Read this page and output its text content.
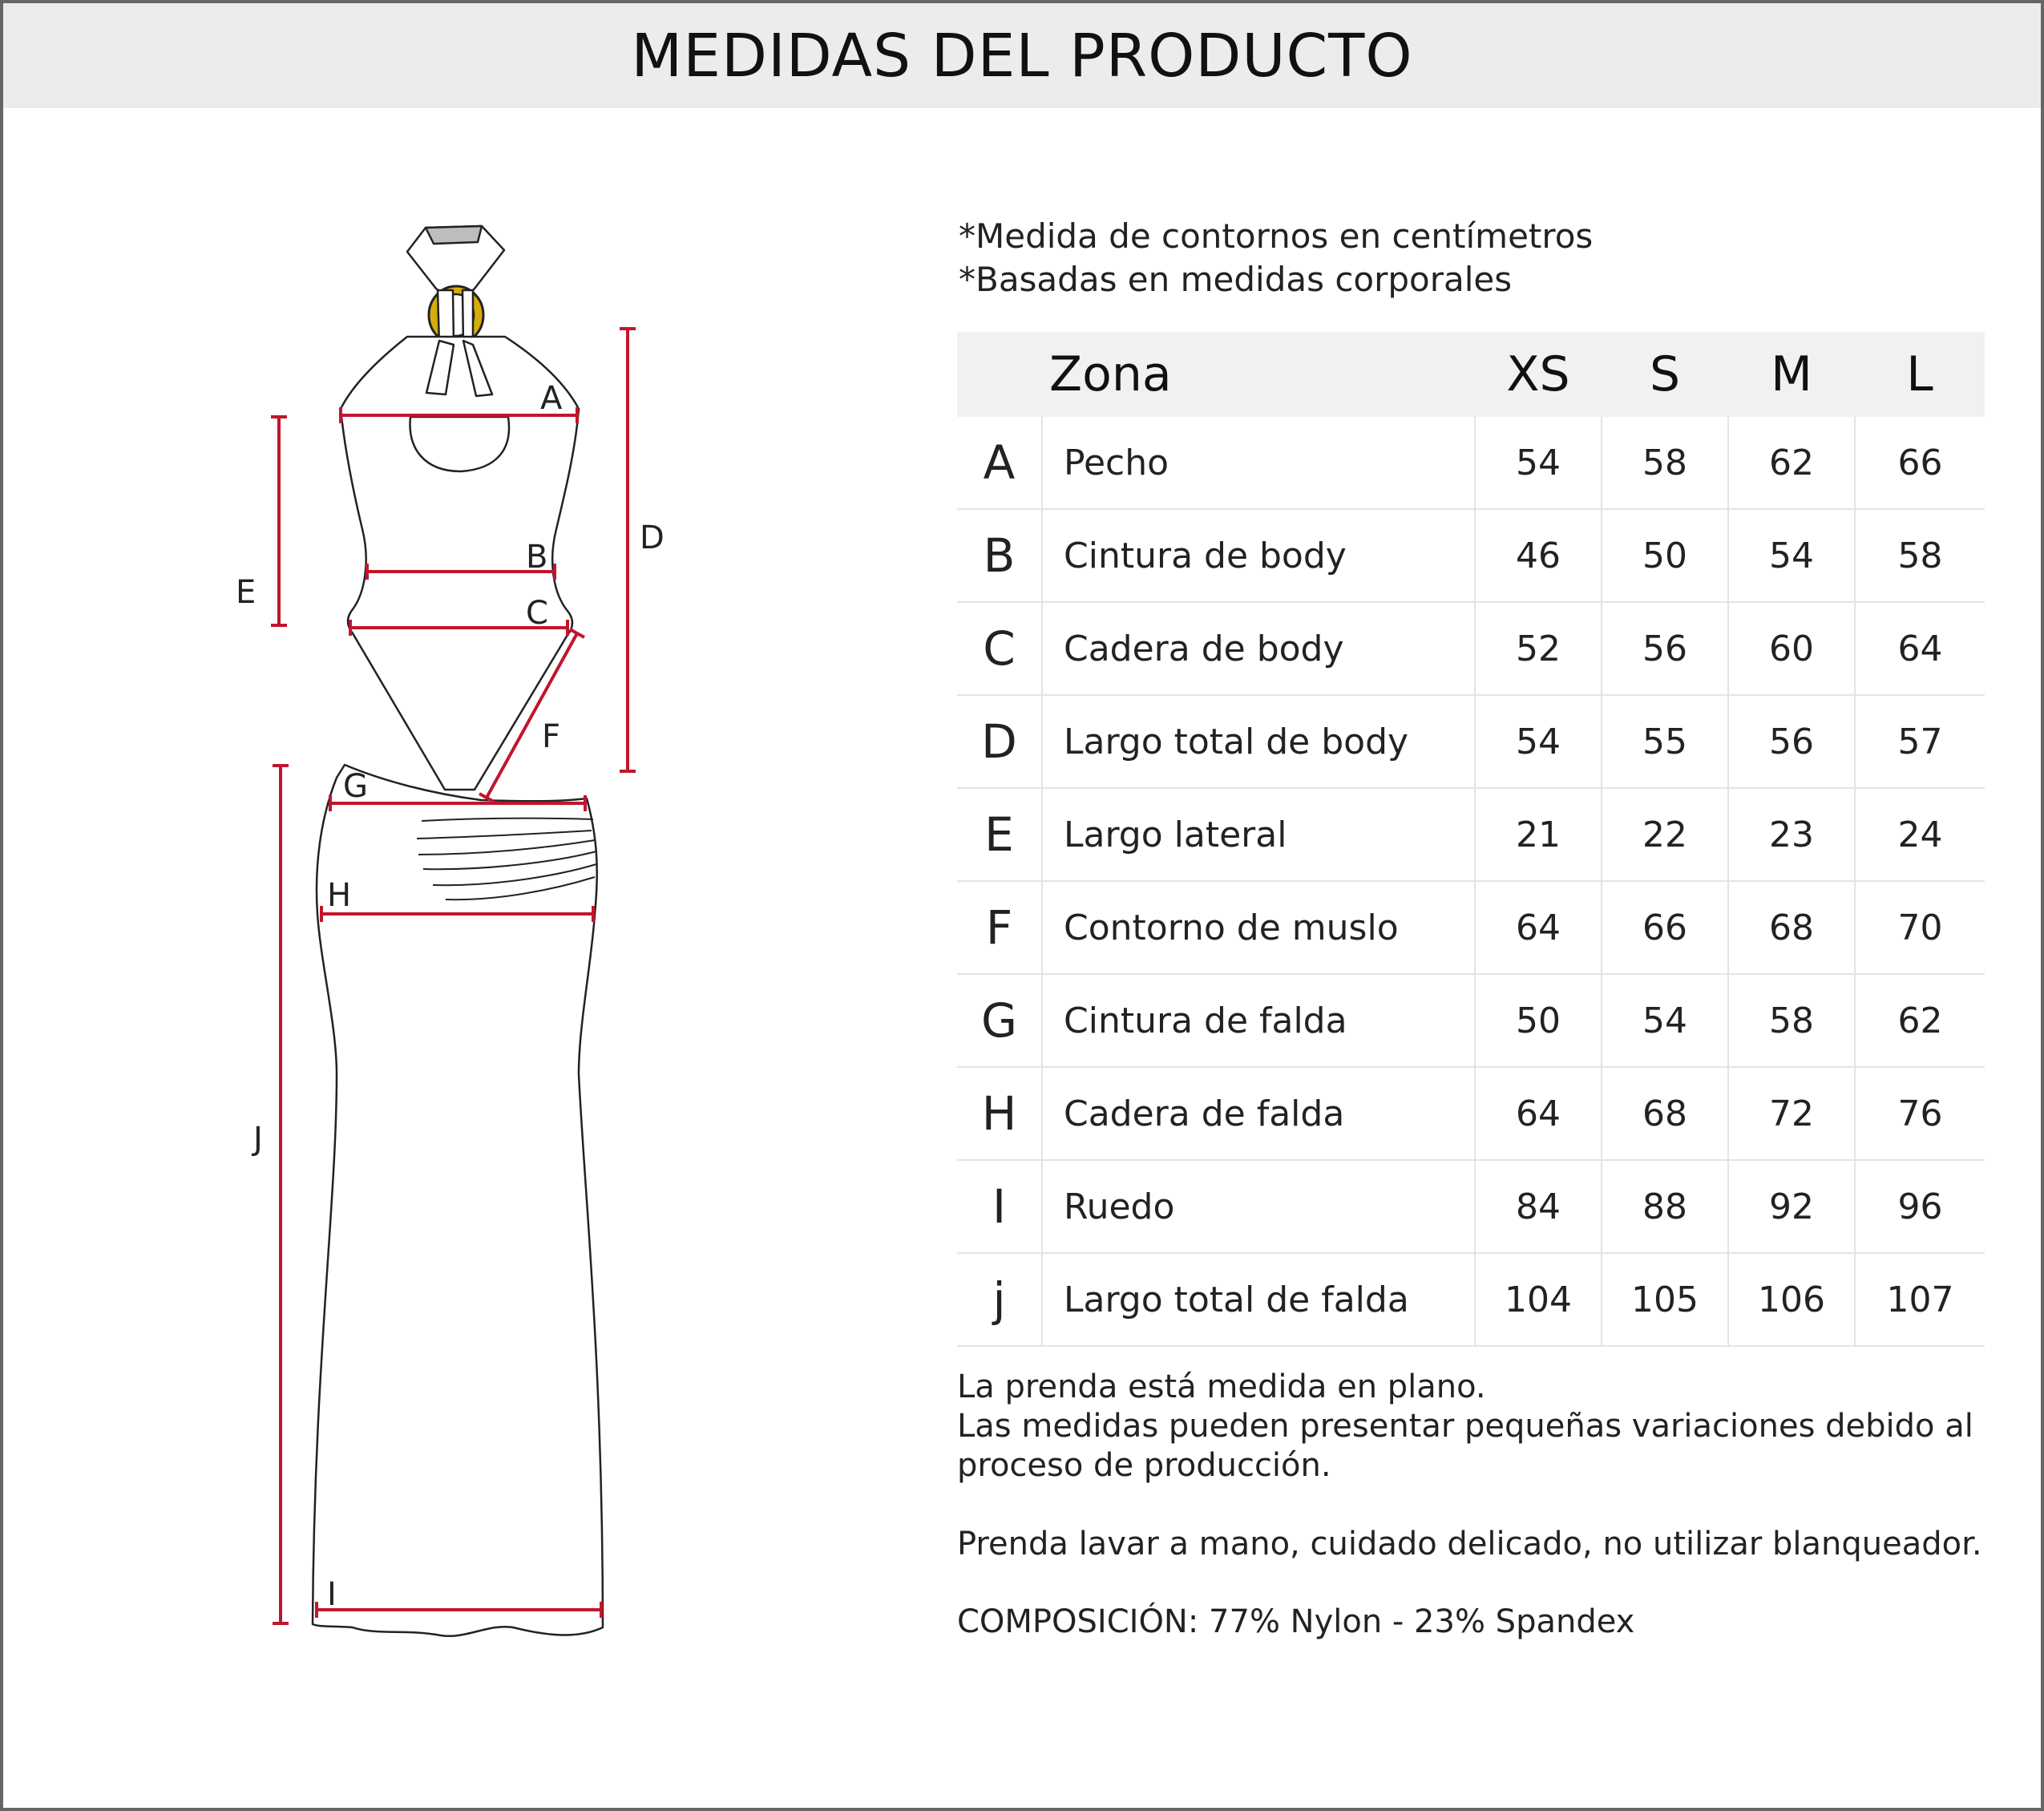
MEDIDAS DEL PRODUCTO
A
B
C
D
E
F
G
H
I
J
*Medida de contornos en centímetros
*Basadas en medidas corporales
Zona		XS	S	M	L
A	Pecho	54	58	62	66
B	Cintura de body	46	50	54	58
C	Cadera de body	52	56	60	64
D	Largo total de body	54	55	56	57
E	Largo lateral	21	22	23	24
F	Contorno de muslo	64	66	68	70
G	Cintura de falda	50	54	58	62
H	Cadera de falda	64	68	72	76
I	Ruedo	84	88	92	96
j	Largo total de falda	104	105	106	107

La prenda está medida en plano.

Las medidas pueden presentar pequeñas variaciones debido al proceso de producción.

Prenda lavar a mano, cuidado delicado, no utilizar blanqueador.

COMPOSICIÓN: 77% Nylon - 23% Spandex
